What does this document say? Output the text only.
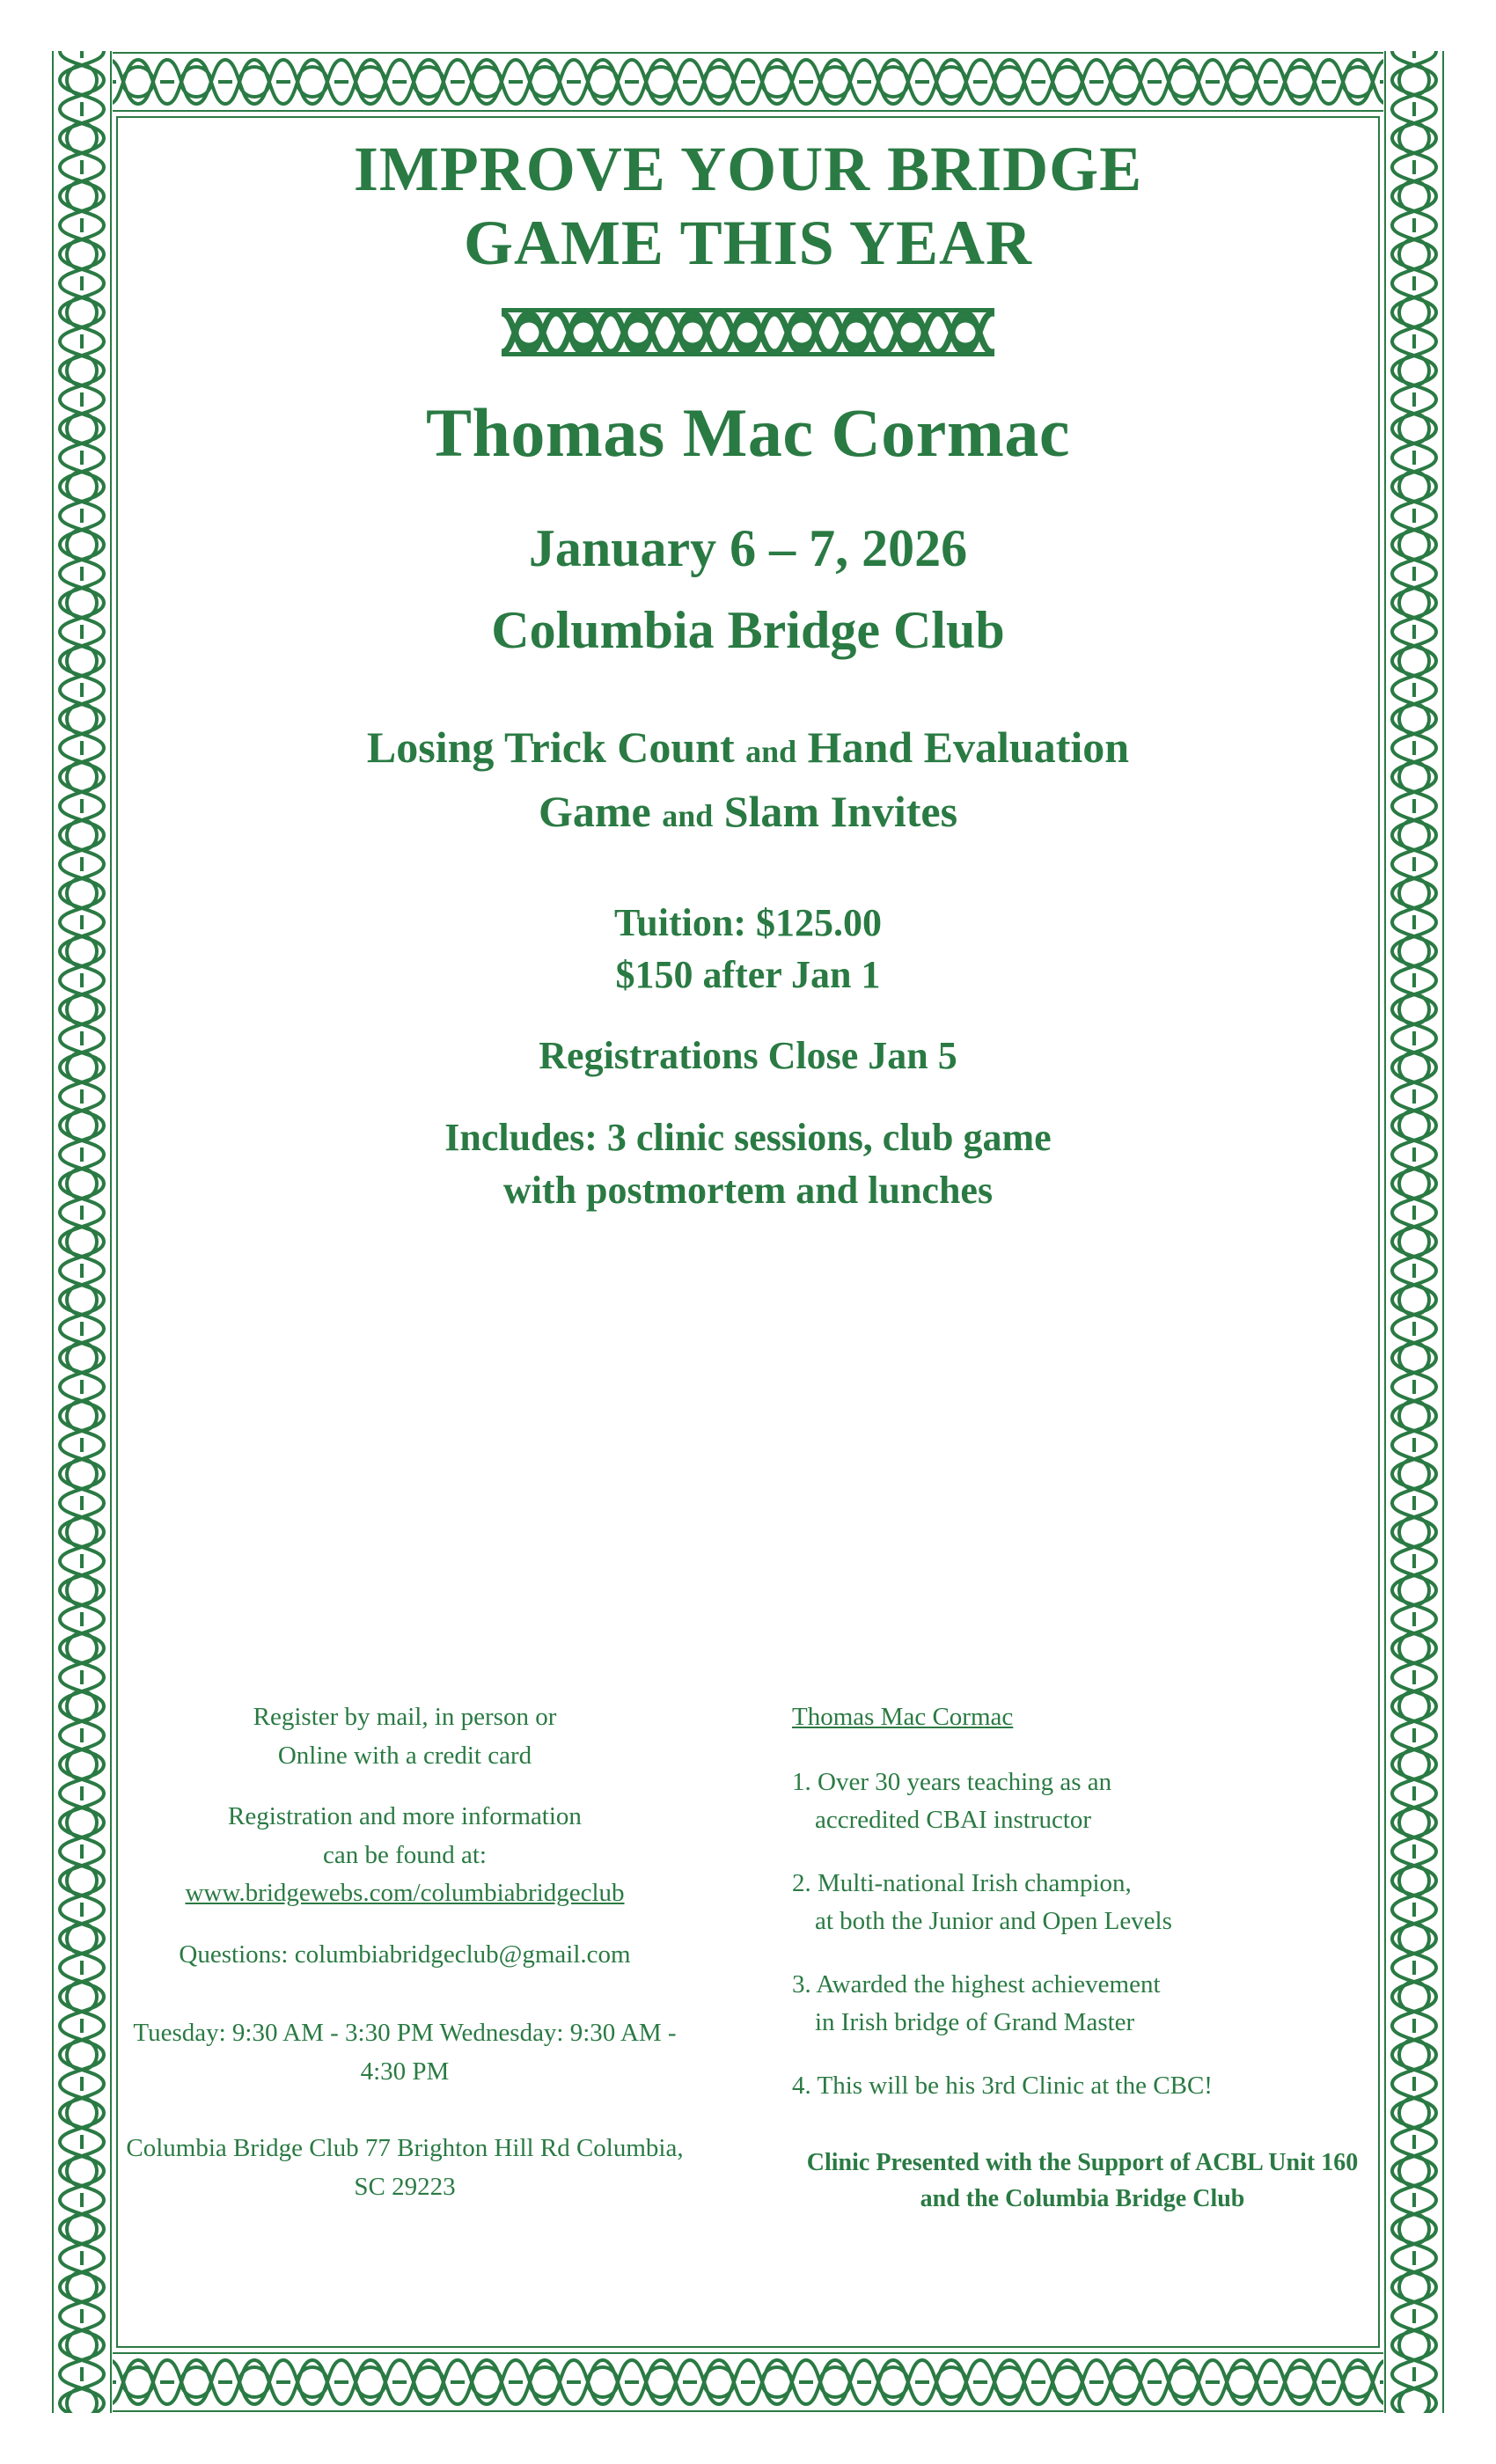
IMPROVE YOUR BRIDGE
GAME THIS YEAR
Thomas Mac Cormac
January 6 – 7, 2026
Columbia Bridge Club
Losing Trick Count and Hand Evaluation
Game and Slam Invites
Tuition: $125.00
$150 after Jan 1
Registrations Close Jan 5
Includes: 3 clinic sessions, club game
with postmortem and lunches
Register by mail, in person or
Online with a credit card
Registration and more information
can be found at:
www.bridgewebs.com/columbiabridgeclub
Questions: columbiabridgeclub@gmail.com
Tuesday: 9:30 AM - 3:30 PM Wednesday: 9:30 AM - 4:30 PM
Columbia Bridge Club 77 Brighton Hill Rd Columbia, SC 29223
Thomas Mac Cormac
1. Over 30 years teaching as an
accredited CBAI instructor
2. Multi-national Irish champion,
at both the Junior and Open Levels
3. Awarded the highest achievement
in Irish bridge of Grand Master
4. This will be his 3rd Clinic at the CBC!
Clinic Presented with the Support of ACBL Unit 160 and the Columbia Bridge Club
